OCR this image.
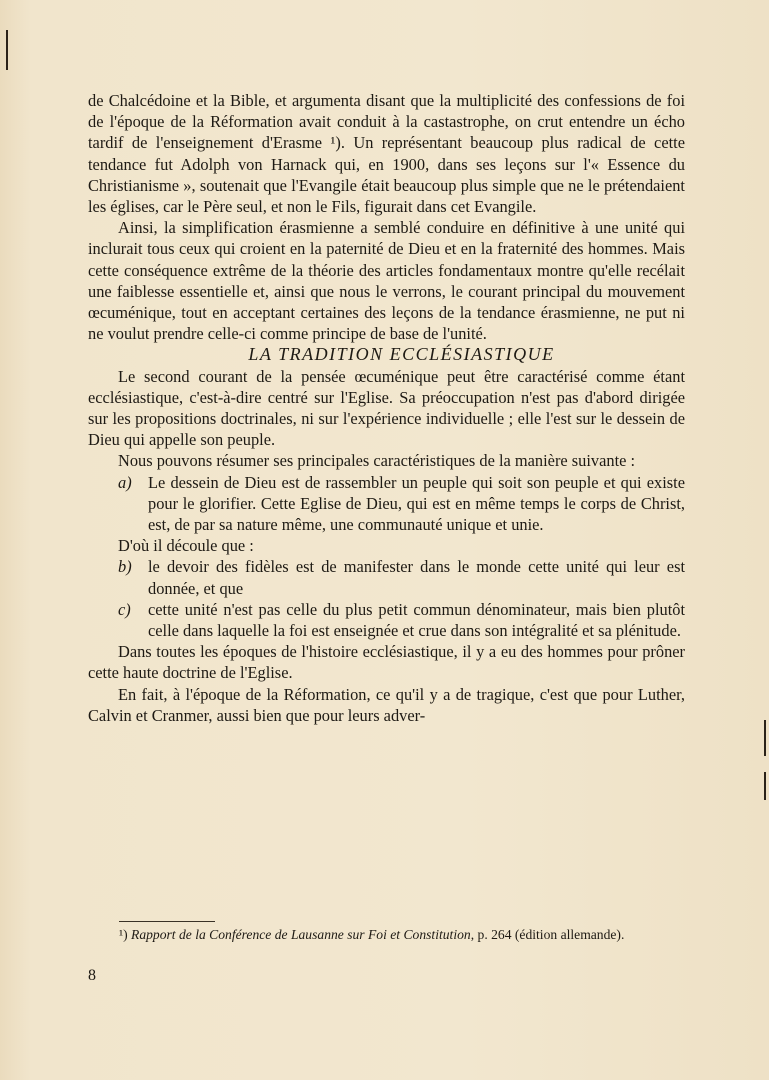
de Chalcédoine et la Bible, et argumenta disant que la multiplicité des confessions de foi de l'époque de la Réformation avait conduit à la castastrophe, on crut entendre un écho tardif de l'enseignement d'Erasme ¹). Un représentant beaucoup plus radical de cette tendance fut Adolph von Harnack qui, en 1900, dans ses leçons sur l'« Essence du Christianisme », soutenait que l'Evangile était beaucoup plus simple que ne le prétendaient les églises, car le Père seul, et non le Fils, figurait dans cet Evangile.

Ainsi, la simplification érasmienne a semblé conduire en définitive à une unité qui inclurait tous ceux qui croient en la paternité de Dieu et en la fraternité des hommes. Mais cette conséquence extrême de la théorie des articles fondamentaux montre qu'elle recélait une faiblesse essentielle et, ainsi que nous le verrons, le courant principal du mouvement œcuménique, tout en acceptant certaines des leçons de la tendance érasmienne, ne put ni ne voulut prendre celle-ci comme principe de base de l'unité.

LA TRADITION ECCLÉSIASTIQUE

Le second courant de la pensée œcuménique peut être caractérisé comme étant ecclésiastique, c'est-à-dire centré sur l'Eglise. Sa préoccupation n'est pas d'abord dirigée sur les propositions doctrinales, ni sur l'expérience individuelle ; elle l'est sur le dessein de Dieu qui appelle son peuple.

Nous pouvons résumer ses principales caractéristiques de la manière suivante :

a) Le dessein de Dieu est de rassembler un peuple qui soit son peuple et qui existe pour le glorifier. Cette Eglise de Dieu, qui est en même temps le corps de Christ, est, de par sa nature même, une communauté unique et unie.

D'où il découle que :

b) le devoir des fidèles est de manifester dans le monde cette unité qui leur est donnée, et que
c)	cette unité n'est pas celle du plus petit commun dénominateur, mais bien plutôt celle dans laquelle la foi est enseignée et crue dans son intégralité et sa plénitude.

Dans toutes les époques de l'histoire ecclésiastique, il y a eu des hommes pour prôner cette haute doctrine de l'Eglise.

En fait, à l'époque de la Réformation, ce qu'il y a de tragique, c'est que pour Luther, Calvin et Cranmer, aussi bien que pour leurs adver-

¹) Rapport de la Conférence de Lausanne sur Foi et Constitution, p. 264 (édition allemande).
8
